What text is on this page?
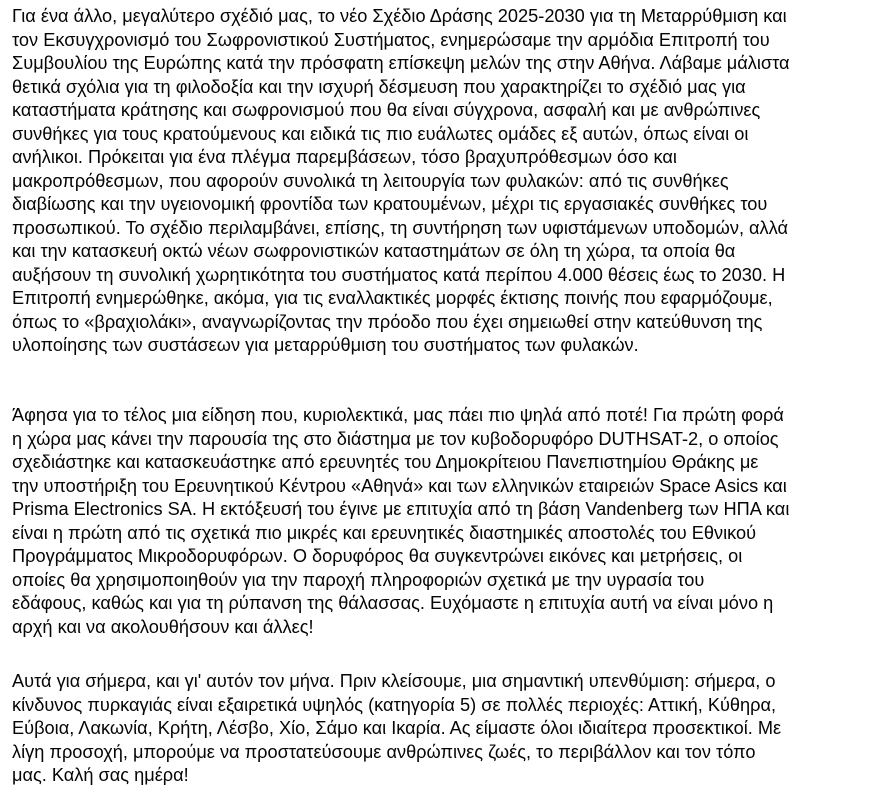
Για ένα άλλο, μεγαλύτερο σχέδιό μας, το νέο Σχέδιο Δράσης 2025-2030 για τη Μεταρρύθμιση και
τον Εκσυγχρονισμό του Σωφρονιστικού Συστήματος, ενημερώσαμε την αρμόδια Επιτροπή του
Συμβουλίου της Ευρώπης κατά την πρόσφατη επίσκεψη μελών της στην Αθήνα. Λάβαμε μάλιστα
θετικά σχόλια για τη φιλοδοξία και την ισχυρή δέσμευση που χαρακτηρίζει το σχέδιό μας για
καταστήματα κράτησης και σωφρονισμού που θα είναι σύγχρονα, ασφαλή και με ανθρώπινες
συνθήκες για τους κρατούμενους και ειδικά τις πιο ευάλωτες ομάδες εξ αυτών, όπως είναι οι
ανήλικοι. Πρόκειται για ένα πλέγμα παρεμβάσεων, τόσο βραχυπρόθεσμων όσο και
μακροπρόθεσμων, που αφορούν συνολικά τη λειτουργία των φυλακών: από τις συνθήκες
διαβίωσης και την υγειονομική φροντίδα των κρατουμένων, μέχρι τις εργασιακές συνθήκες του
προσωπικού. Το σχέδιο περιλαμβάνει, επίσης, τη συντήρηση των υφιστάμενων υποδομών, αλλά
και την κατασκευή οκτώ νέων σωφρονιστικών καταστημάτων σε όλη τη χώρα, τα οποία θα
αυξήσουν τη συνολική χωρητικότητα του συστήματος κατά περίπου 4.000 θέσεις έως το 2030. Η
Επιτροπή ενημερώθηκε, ακόμα, για τις εναλλακτικές μορφές έκτισης ποινής που εφαρμόζουμε,
όπως το «βραχιολάκι», αναγνωρίζοντας την πρόοδο που έχει σημειωθεί στην κατεύθυνση της
υλοποίησης των συστάσεων για μεταρρύθμιση του συστήματος των φυλακών.
Άφησα για το τέλος μια είδηση που, κυριολεκτικά, μας πάει πιο ψηλά από ποτέ! Για πρώτη φορά
η χώρα μας κάνει την παρουσία της στο διάστημα με τον κυβοδορυφόρο DUTHSAT-2, ο οποίος
σχεδιάστηκε και κατασκευάστηκε από ερευνητές του Δημοκρίτειου Πανεπιστημίου Θράκης με
την υποστήριξη του Ερευνητικού Κέντρου «Αθηνά» και των ελληνικών εταιρειών Space Asics και
Prisma Electronics SA. Η εκτόξευσή του έγινε με επιτυχία από τη βάση Vandenberg των ΗΠΑ και
είναι η πρώτη από τις σχετικά πιο μικρές και ερευνητικές διαστημικές αποστολές του Εθνικού
Προγράμματος Μικροδορυφόρων. Ο δορυφόρος θα συγκεντρώνει εικόνες και μετρήσεις, οι
οποίες θα χρησιμοποιηθούν για την παροχή πληροφοριών σχετικά με την υγρασία του
εδάφους, καθώς και για τη ρύπανση της θάλασσας. Ευχόμαστε η επιτυχία αυτή να είναι μόνο η
αρχή και να ακολουθήσουν και άλλες!
Αυτά για σήμερα, και γι' αυτόν τον μήνα. Πριν κλείσουμε, μια σημαντική υπενθύμιση: σήμερα, ο
κίνδυνος πυρκαγιάς είναι εξαιρετικά υψηλός (κατηγορία 5) σε πολλές περιοχές: Αττική, Κύθηρα,
Εύβοια, Λακωνία, Κρήτη, Λέσβο, Χίο, Σάμο και Ικαρία. Ας είμαστε όλοι ιδιαίτερα προσεκτικοί. Με
λίγη προσοχή, μπορούμε να προστατεύσουμε ανθρώπινες ζωές, το περιβάλλον και τον τόπο
μας. Καλή σας ημέρα!
